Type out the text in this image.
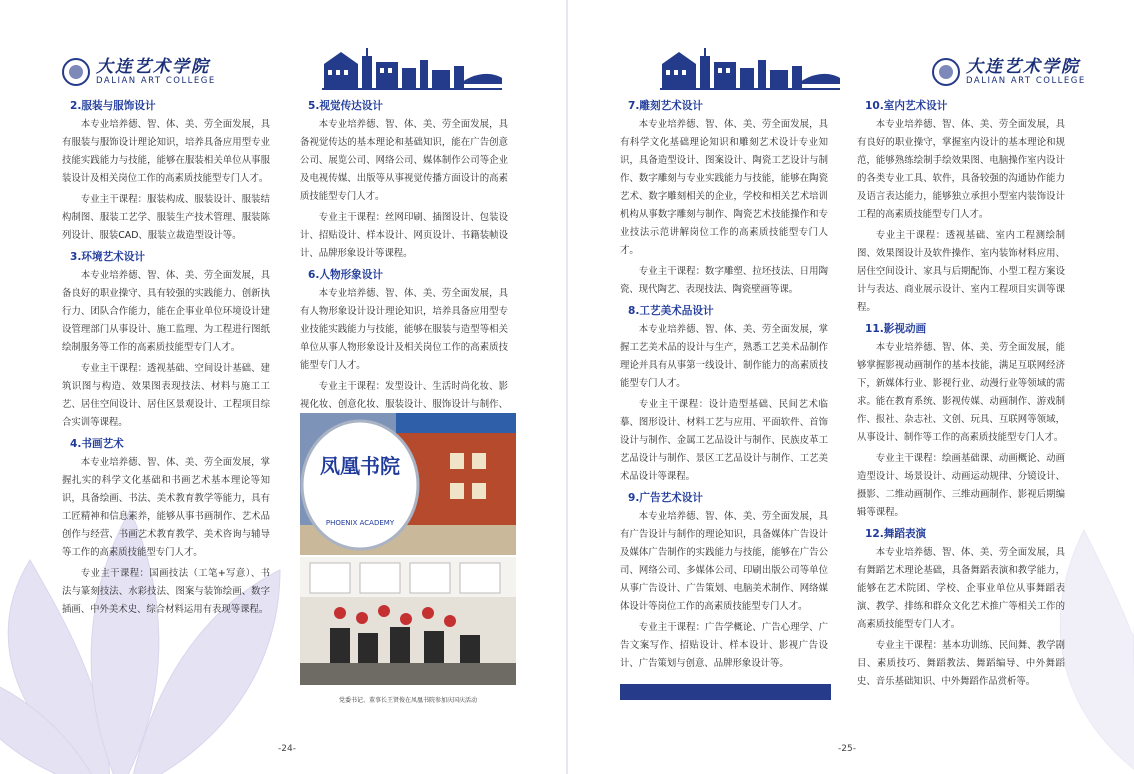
大连艺术学院
DALIAN ART COLLEGE
2.服装与服饰设计

本专业培养德、智、体、美、劳全面发展，具有服装与服饰设计理论知识，培养具备应用型专业技能实践能力与技能，能够在服装相关单位从事服装设计及相关岗位工作的高素质技能型专门人才。

专业主干课程：服装构成、服装设计、服装结构制图、服装工艺学、服装生产技术管理、服装陈列设计、服装CAD、服装立裁造型设计等。

3.环境艺术设计

本专业培养德、智、体、美、劳全面发展，具备良好的职业操守、具有较强的实践能力、创新执行力、团队合作能力，能在企事业单位环境设计建设管理部门从事设计、施工监理、为工程进行图纸绘制服务等工作的高素质技能型专门人才。

专业主干课程：透视基础、空间设计基础、建筑识图与构造、效果图表现技法、材料与施工工艺、居住空间设计、居住区景观设计、工程项目综合实训等课程。

4.书画艺术

本专业培养德、智、体、美、劳全面发展，掌握扎实的科学文化基础和书画艺术基本理论等知识，具备绘画、书法、美术教育教学等能力，具有工匠精神和信息素养，能够从事书画制作、艺术品创作与经营、书画艺术教育教学、美术咨询与辅导等工作的高素质技能型专门人才。

专业主干课程：国画技法（工笔+写意）、书法与篆刻技法、水彩技法、图案与装饰绘画、数字插画、中外美术史、综合材料运用有表现等课程。

5.视觉传达设计

本专业培养德、智、体、美、劳全面发展，具备视觉传达的基本理论和基础知识，能在广告创意公司、展览公司、网络公司、媒体制作公司等企业及电视传媒、出版等从事视觉传播方面设计的高素质技能型专门人才。

专业主干课程：丝网印刷、插图设计、包装设计、招贴设计、样本设计、网页设计、书籍装帧设计、品牌形象设计等课程。

6.人物形象设计

本专业培养德、智、体、美、劳全面发展，具有人物形象设计设计理论知识，培养具备应用型专业技能实践能力与技能，能够在服装与造型等相关单位从事人物形象设计及相关岗位工作的高素质技能型专门人才。

专业主干课程：发型设计、生活时尚化妆、影视化妆、创意化妆、服装设计、服饰设计与制作、

凤凰书院
PHOENIX ACADEMY
党委书记、董事长王贤俊在凤凰书院参加庆国庆活动
-24-
大连艺术学院
DALIAN ART COLLEGE
7.雕刻艺术设计

本专业培养德、智、体、美、劳全面发展，具有科学文化基础理论知识和雕刻艺术设计专业知识，具备造型设计、图案设计、陶瓷工艺设计与制作、数字雕刻与专业实践能力与技能，能够在陶瓷艺术、数字雕刻相关的企业，学校和相关艺术培训机构从事数字雕刻与制作、陶瓷艺术技能操作和专业技法示范讲解岗位工作的高素质技能型专门人才。

专业主干课程：数字雕塑、拉坯技法、日用陶瓷、现代陶艺、表现技法、陶瓷壁画等课。

8.工艺美术品设计

本专业培养德、智、体、美、劳全面发展，掌握工艺美术品的设计与生产，熟悉工艺美术品制作理论并具有从事第一线设计、制作能力的高素质技能型专门人才。

专业主干课程：设计造型基础、民间艺术临摹、图形设计、材料工艺与应用、平面软件、首饰设计与制作、金属工艺品设计与制作、民族皮革工艺品设计与制作、景区工艺品设计与制作、工艺美术品设计等课程。

9.广告艺术设计

本专业培养德、智、体、美、劳全面发展，具有广告设计与制作的理论知识，具备媒体广告设计及媒体广告制作的实践能力与技能，能够在广告公司、网络公司、多媒体公司、印刷出版公司等单位从事广告设计、广告策划、电脑美术制作、网络媒体设计等岗位工作的高素质技能型专门人才。

专业主干课程：广告学概论、广告心理学、广告文案写作、招贴设计、样本设计、影视广告设计、广告策划与创意、品牌形象设计等。

10.室内艺术设计

本专业培养德、智、体、美、劳全面发展，具有良好的职业操守，掌握室内设计的基本理论和规范，能够熟练绘制手绘效果图、电脑操作室内设计的各类专业工具、软件，具备较强的沟通协作能力及语言表达能力，能够独立承担小型室内装饰设计工程的高素质技能型专门人才。

专业主干课程：透视基础、室内工程测绘制图、效果图设计及软件操作、室内装饰材料应用、居住空间设计、家具与后期配饰、小型工程方案设计与表达、商业展示设计、室内工程项目实训等课程。

11.影视动画

本专业培养德、智、体、美、劳全面发展，能够掌握影视动画制作的基本技能，满足互联网经济下，新媒体行业、影视行业、动漫行业等领域的需求。能在教育系统、影视传媒、动画制作、游戏制作、报社、杂志社、文创、玩具、互联网等领域，从事设计、制作等工作的高素质技能型专门人才。

专业主干课程：绘画基础课、动画概论、动画造型设计、场景设计、动画运动规律、分镜设计、摄影、二维动画制作、三维动画制作、影视后期编辑等课程。

12.舞蹈表演

本专业培养德、智、体、美、劳全面发展，具有舞蹈艺术理论基础，具备舞蹈表演和教学能力，能够在艺术院团、学校、企事业单位从事舞蹈表演、教学、排练和群众文化艺术推广等相关工作的高素质技能型专门人才。

专业主干课程：基本功训练、民间舞、教学剧目、素质技巧、舞蹈教法、舞蹈编导、中外舞蹈史、音乐基础知识、中外舞蹈作品赏析等。

-25-
